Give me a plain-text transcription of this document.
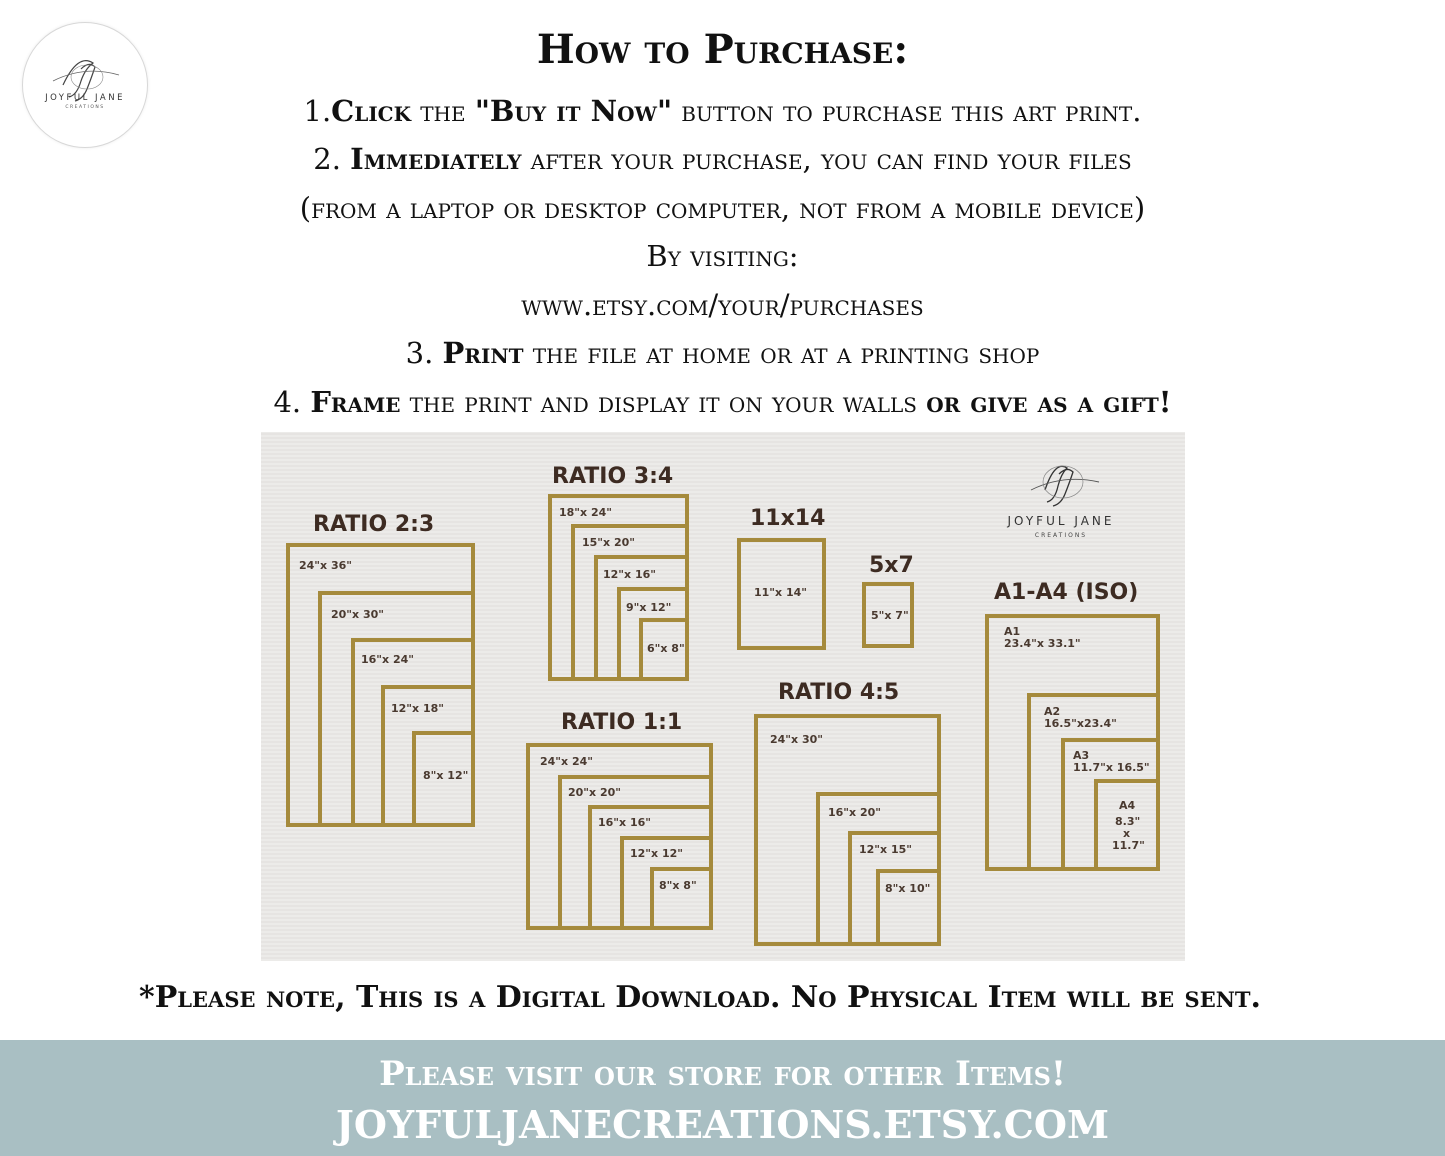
JOYFUL JANE
CREATIONS
How to Purchase:
1.Click the "Buy it Now" button to purchase this art print.
2. Immediately after your purchase, you can find your files
(from a laptop or desktop computer, not from a mobile device)
By visiting:
www.etsy.com/your/purchases
3. Print the file at home or at a printing shop
4. Frame the print and display it on your walls or give as a gift!
RATIO 2:3
24"x 36"
20"x 30"
16"x 24"
12"x 18"
8"x 12"
RATIO 3:4
18"x 24"
15"x 20"
12"x 16"
9"x 12"
6"x 8"
11x14
11"x 14"
5x7
5"x 7"
JOYFUL JANE
CREATIONS
A1-A4 (ISO)
A1
23.4"x 33.1"
A2
16.5"x23.4"
A3
11.7"x 16.5"
A4
8.3"
x
11.7"
RATIO 1:1
24"x 24"
20"x 20"
16"x 16"
12"x 12"
8"x 8"
RATIO 4:5
24"x 30"
16"x 20"
12"x 15"
8"x 10"
*Please note, This is a Digital Download. No Physical Item will be sent.
Please visit our store for other Items!
JOYFULJANECREATIONS.ETSY.COM
